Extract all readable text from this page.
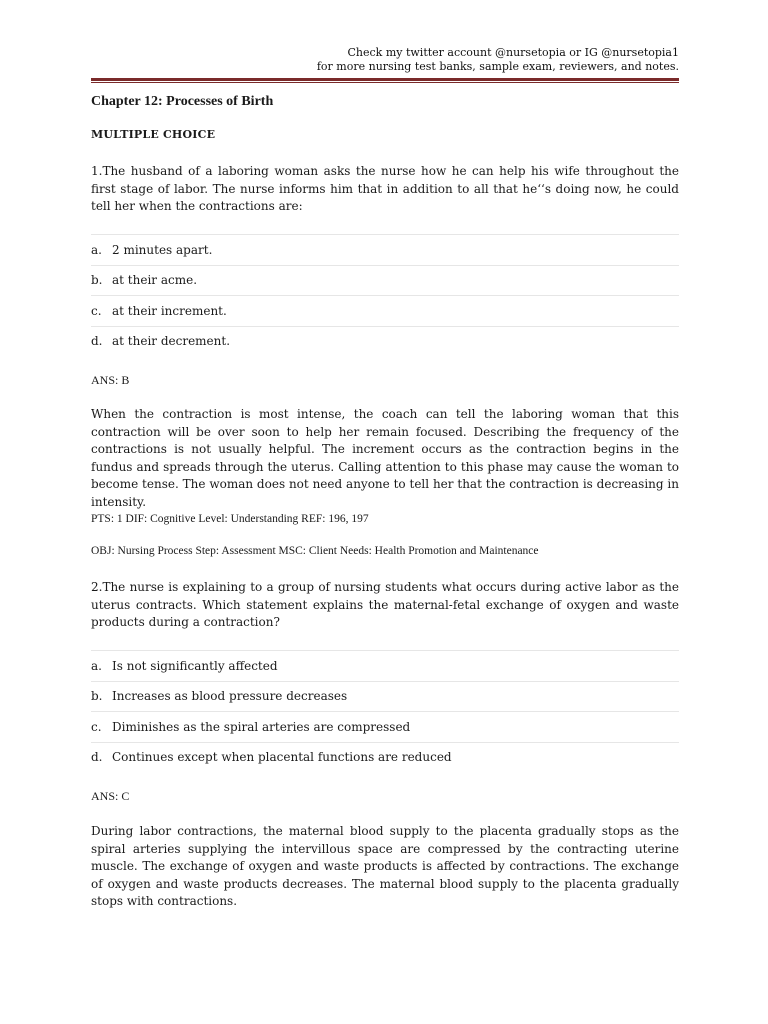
Check my twitter account @nursetopia or IG @nursetopia1
for more nursing test banks, sample exam, reviewers, and notes.
Chapter 12: Processes of Birth
MULTIPLE CHOICE

1.The husband of a laboring woman asks the nurse how he can help his wife throughout the first stage of labor. The nurse informs him that in addition to all that he‘‘s doing now, he could tell her when the contractions are:

a. 2 minutes apart.
b. at their acme.
c. at their increment.
d. at their decrement.

ANS: B

When the contraction is most intense, the coach can tell the laboring woman that this contraction will be over soon to help her remain focused. Describing the frequency of the contractions is not usually helpful. The increment occurs as the contraction begins in the fundus and spreads through the uterus. Calling attention to this phase may cause the woman to become tense. The woman does not need anyone to tell her that the contraction is decreasing in intensity.

PTS: 1 DIF: Cognitive Level: Understanding REF: 196, 197

OBJ: Nursing Process Step: Assessment MSC: Client Needs: Health Promotion and Maintenance

2.The nurse is explaining to a group of nursing students what occurs during active labor as the uterus contracts. Which statement explains the maternal-fetal exchange of oxygen and waste products during a contraction?

a. Is not significantly affected
b. Increases as blood pressure decreases
c. Diminishes as the spiral arteries are compressed
d. Continues except when placental functions are reduced

ANS: C

During labor contractions, the maternal blood supply to the placenta gradually stops as the spiral arteries supplying the intervillous space are compressed by the contracting uterine muscle. The exchange of oxygen and waste products is affected by contractions. The exchange of oxygen and waste products decreases. The maternal blood supply to the placenta gradually stops with contractions.
